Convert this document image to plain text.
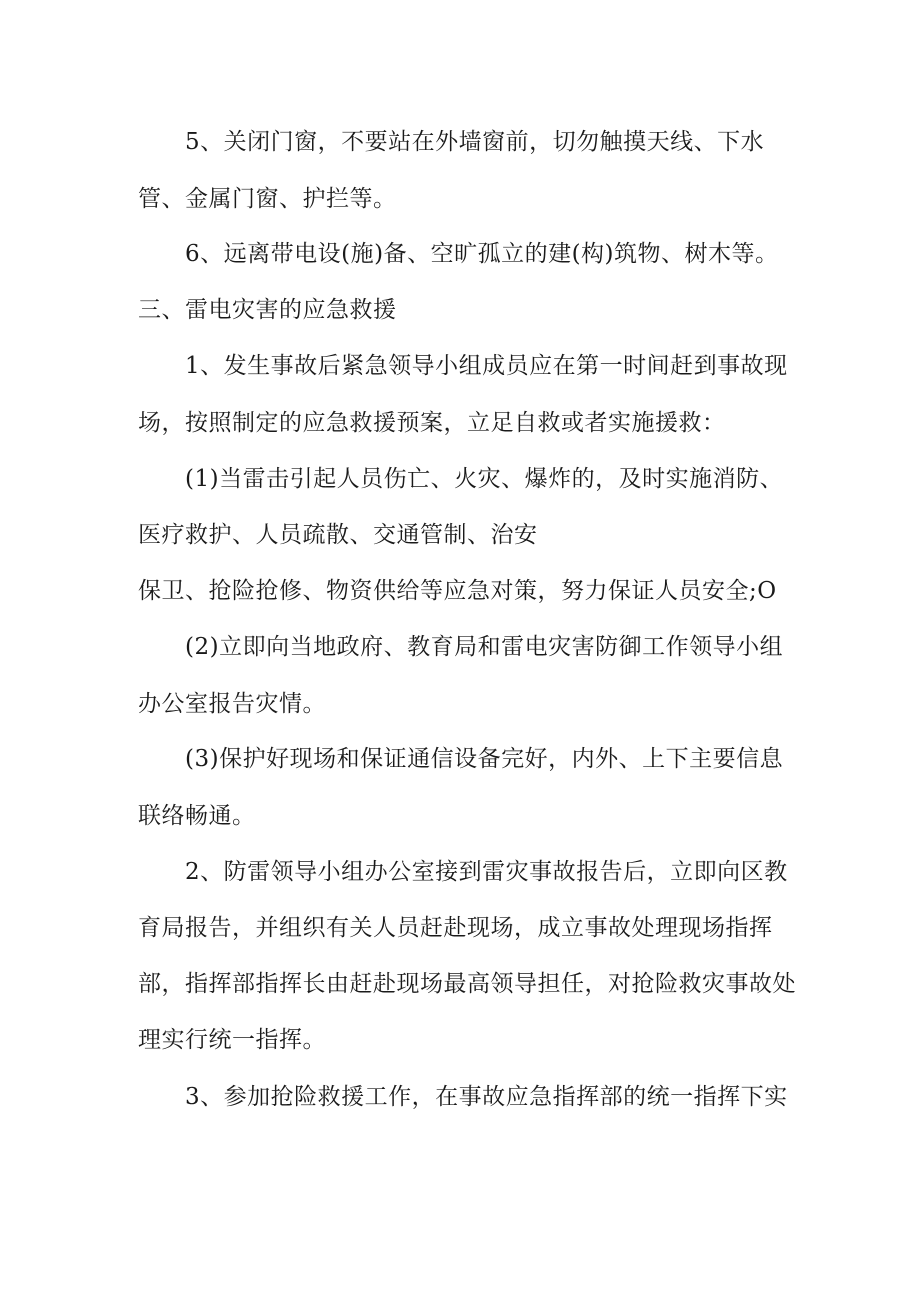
5、关闭门窗，不要站在外墙窗前，切勿触摸天线、下水
管、金属门窗、护拦等。
6、远离带电设(施)备、空旷孤立的建(构)筑物、树木等。
三、雷电灾害的应急救援
1、发生事故后紧急领导小组成员应在第一时间赶到事故现
场，按照制定的应急救援预案，立足自救或者实施援救：
(1)当雷击引起人员伤亡、火灾、爆炸的，及时实施消防、
医疗救护、人员疏散、交通管制、治安
保卫、抢险抢修、物资供给等应急对策，努力保证人员安全;O
(2)立即向当地政府、教育局和雷电灾害防御工作领导小组
办公室报告灾情。
(3)保护好现场和保证通信设备完好，内外、上下主要信息
联络畅通。
2、防雷领导小组办公室接到雷灾事故报告后，立即向区教
育局报告，并组织有关人员赶赴现场，成立事故处理现场指挥
部，指挥部指挥长由赶赴现场最高领导担任，对抢险救灾事故处
理实行统一指挥。
3、参加抢险救援工作，在事故应急指挥部的统一指挥下实
